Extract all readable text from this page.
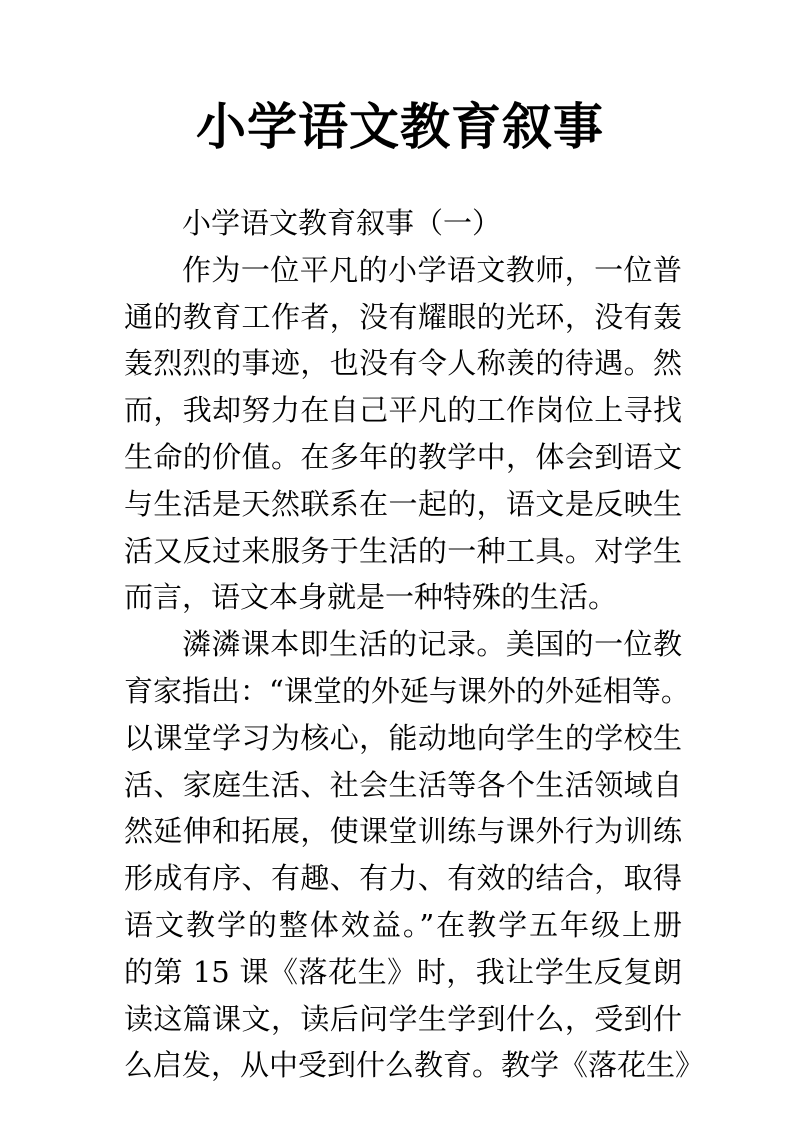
小学语文教育叙事
小学语文教育叙事（一）
作为一位平凡的小学语文教师，一位普
通的教育工作者，没有耀眼的光环，没有轰
轰烈烈的事迹，也没有令人称羡的待遇。然
而，我却努力在自己平凡的工作岗位上寻找
生命的价值。在多年的教学中，体会到语文
与生活是天然联系在一起的，语文是反映生
活又反过来服务于生活的一种工具。对学生
而言，语文本身就是一种特殊的生活。
潾潾课本即生活的记录。美国的一位教
育家指出：“课堂的外延与课外的外延相等。
以课堂学习为核心，能动地向学生的学校生
活、家庭生活、社会生活等各个生活领域自
然延伸和拓展，使课堂训练与课外行为训练
形成有序、有趣、有力、有效的结合，取得
语文教学的整体效益。”在教学五年级上册
的第 15 课《落花生》时，我让学生反复朗
读这篇课文，读后问学生学到什么，受到什
么启发，从中受到什么教育。教学《落花生》
